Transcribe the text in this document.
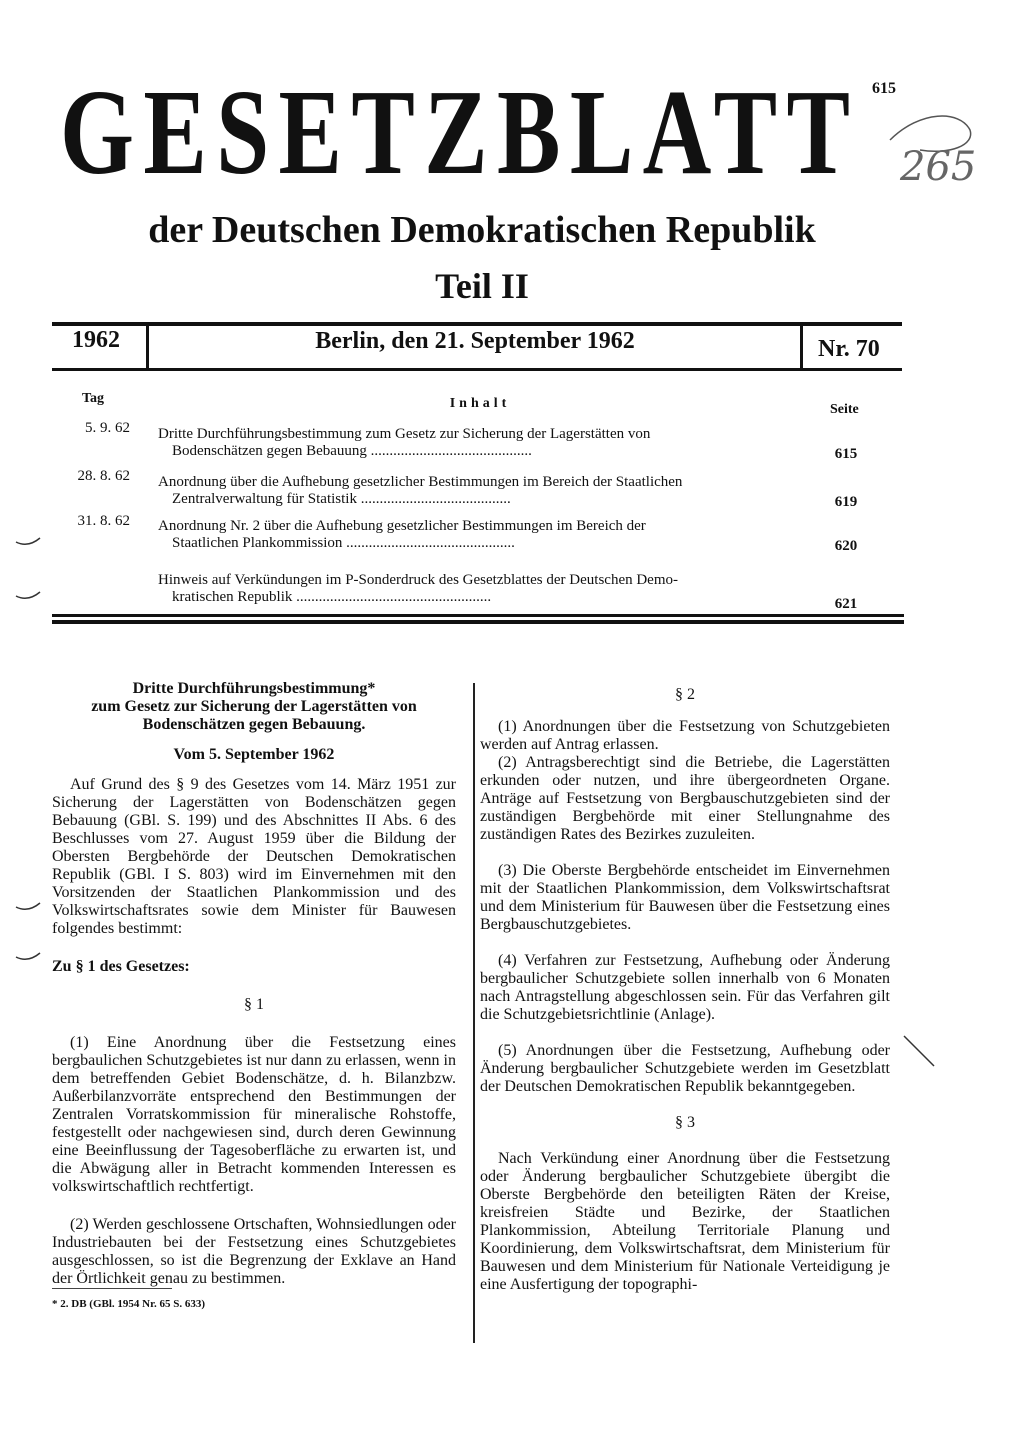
GESETZBLATT 615
265
der Deutschen Demokratischen Republik
Teil II
1962	Berlin, den 21. September 1962	Nr. 70
Tag	Inhalt	Seite
5. 9. 62 Dritte Durchführungsbestimmung zum Gesetz zur Sicherung der Lagerstätten von
Bodenschätzen gegen Bebauung ...........................................	615
28. 8. 62 Anordnung über die Aufhebung gesetzlicher Bestimmungen im Bereich der Staatlichen
Zentralverwaltung für Statistik ........................................	619
31. 8. 62 Anordnung Nr. 2 über die Aufhebung gesetzlicher Bestimmungen im Bereich der
Staatlichen Plankommission .............................................	620
Hinweis auf Verkündungen im P-Sonderdruck des Gesetzblattes der Deutschen Demo-
kratischen Republik ....................................................	621

Dritte Durchführungsbestimmung*

zum Gesetz zur Sicherung der Lagerstätten von

Bodenschätzen gegen Bebauung.

Vom 5. September 1962

Auf Grund des § 9 des Gesetzes vom 14. März 1951 zur Sicherung der Lagerstätten von Bodenschätzen gegen Bebauung (GBl. S. 199) und des Abschnittes II Abs. 6 des Beschlusses vom 27. August 1959 über die Bildung der Obersten Bergbehörde der Deutschen Demokratischen Republik (GBl. I S. 803) wird im Einvernehmen mit den Vorsitzenden der Staatlichen Plankommission und des Volkswirtschaftsrates sowie dem Minister für Bauwesen folgendes bestimmt:

Zu § 1 des Gesetzes:

§ 1

(1) Eine Anordnung über die Festsetzung eines bergbaulichen Schutzgebietes ist nur dann zu erlassen, wenn in dem betreffenden Gebiet Bodenschätze, d. h. Bilanzbzw. Außerbilanzvorräte entsprechend den Bestimmungen der Zentralen Vorratskommission für mineralische Rohstoffe, festgestellt oder nachgewiesen sind, durch deren Gewinnung eine Beeinflussung der Tagesoberfläche zu erwarten ist, und die Abwägung aller in Betracht kommenden Interessen es volkswirtschaftlich rechtfertigt.

(2) Werden geschlossene Ortschaften, Wohnsiedlungen oder Industriebauten bei der Festsetzung eines Schutzgebietes ausgeschlossen, so ist die Begrenzung der Exklave an Hand der Örtlichkeit genau zu bestimmen.

* 2. DB (GBl. 1954 Nr. 65 S. 633)

§ 2

(1) Anordnungen über die Festsetzung von Schutzgebieten werden auf Antrag erlassen.

(2) Antragsberechtigt sind die Betriebe, die Lagerstätten erkunden oder nutzen, und ihre übergeordneten Organe. Anträge auf Festsetzung von Bergbauschutzgebieten sind der zuständigen Bergbehörde mit einer Stellungnahme des zuständigen Rates des Bezirkes zuzuleiten.

(3) Die Oberste Bergbehörde entscheidet im Einvernehmen mit der Staatlichen Plankommission, dem Volkswirtschaftsrat und dem Ministerium für Bauwesen über die Festsetzung eines Bergbauschutzgebietes.

(4) Verfahren zur Festsetzung, Aufhebung oder Änderung bergbaulicher Schutzgebiete sollen innerhalb von 6 Monaten nach Antragstellung abgeschlossen sein. Für das Verfahren gilt die Schutzgebietsrichtlinie (Anlage).

(5) Anordnungen über die Festsetzung, Aufhebung oder Änderung bergbaulicher Schutzgebiete werden im Gesetzblatt der Deutschen Demokratischen Republik bekanntgegeben.

§ 3

Nach Verkündung einer Anordnung über die Festsetzung oder Änderung bergbaulicher Schutzgebiete übergibt die Oberste Bergbehörde den beteiligten Räten der Kreise, kreisfreien Städte und Bezirke, der Staatlichen Plankommission, Abteilung Territoriale Planung und Koordinierung, dem Volkswirtschaftsrat, dem Ministerium für Bauwesen und dem Ministerium für Nationale Verteidigung je eine Ausfertigung der topographi-
